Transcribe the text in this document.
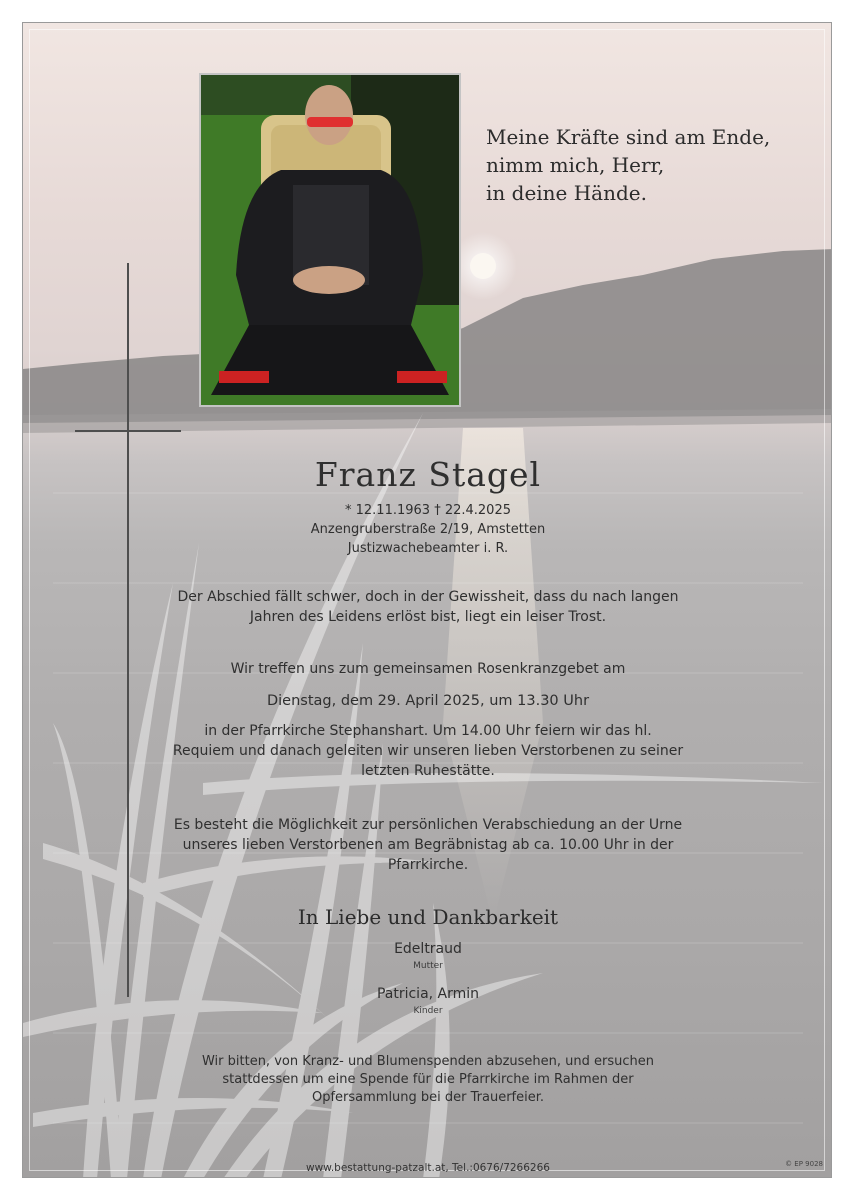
Meine Kräfte sind am Ende,
nimm mich, Herr,
in deine Hände.
Franz Stagel
* 12.11.1963 † 22.4.2025
Anzengruberstraße 2/19, Amstetten
Justizwachebeamter i. R.
Der Abschied fällt schwer, doch in der Gewissheit, dass du nach langen
Jahren des Leidens erlöst bist, liegt ein leiser Trost.
Wir treffen uns zum gemeinsamen Rosenkranzgebet am
Dienstag, dem 29. April 2025, um 13.30 Uhr
in der Pfarrkirche Stephanshart. Um 14.00 Uhr feiern wir das hl.
Requiem und danach geleiten wir unseren lieben Verstorbenen zu seiner
letzten Ruhestätte.
Es besteht die Möglichkeit zur persönlichen Verabschiedung an der Urne
unseres lieben Verstorbenen am Begräbnistag ab ca. 10.00 Uhr in der
Pfarrkirche.
In Liebe und Dankbarkeit
Edeltraud
Mutter
Patricia, Armin
Kinder
Wir bitten, von Kranz- und Blumenspenden abzusehen, und ersuchen
stattdessen um eine Spende für die Pfarrkirche im Rahmen der
Opfersammlung bei der Trauerfeier.
www.bestattung-patzalt.at, Tel.:0676/7266266	© EP 9028
